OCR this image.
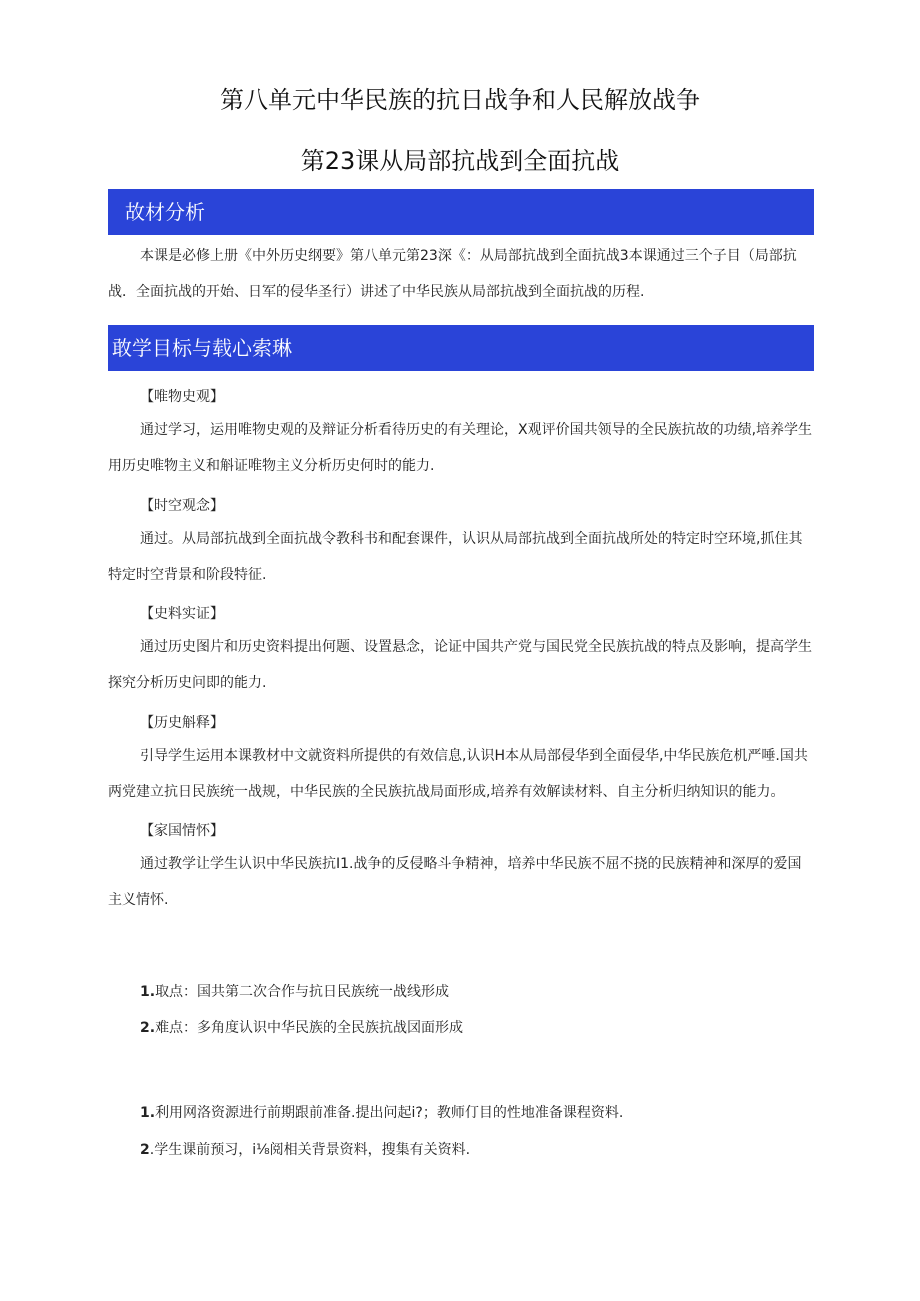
第八单元中华民族的抗日战争和人民解放战争
第23课从局部抗战到全面抗战
故材分析
本课是必修上册《中外历史纲要》第八单元第23深《：从局部抗战到全面抗战3本课通过三个子目（局部抗战．全面抗战的开始、日军的侵华圣行）讲述了中华民族从局部抗战到全面抗战的历程.
敢学目标与载心索琳
【唯物史观】
通过学习，运用唯物史观的及辩证分析看待历史的有关理论，X观评价国共领导的全民族抗故的功绩,培养学生用历史唯物主义和斛证唯物主义分析历史何时的能力.
【时空观念】
通过。从局部抗战到全面抗战令教科书和配套课件，认识从局部抗战到全面抗战所处的特定时空环境,抓住其特定时空背景和阶段特征.
【史料实证】
通过历史图片和历史资料提出何题、设置悬念，论证中国共产党与国民党全民族抗战的特点及影响，提高学生探究分析历史问即的能力.
【历史斛释】
引导学生运用本课教材中文就资料所提供的有效信息,认识H本从局部侵华到全面侵华,中华民族危机严唾.国共两党建立抗日民族统一战规，中华民族的全民族抗战局面形成,培养有效解读材料、自主分析归纳知识的能力。
【家国情怀】
通过教学让学生认识中华民族抗I1.战争的反侵略斗争精神，培养中华民族不屈不挠的民族精神和深厚的爱国主义情怀.
1.取点：国共第二次合作与抗日民族统一战线形成
2.难点：多角度认识中华民族的全民族抗战㘝面形成
1.利用网洛资源进行前期跟前准备.提出问起i?；教师仃目的性地准备课程资料.
2.学生课前预习，i⅛阅相关背景资料，搜集有关资料.
